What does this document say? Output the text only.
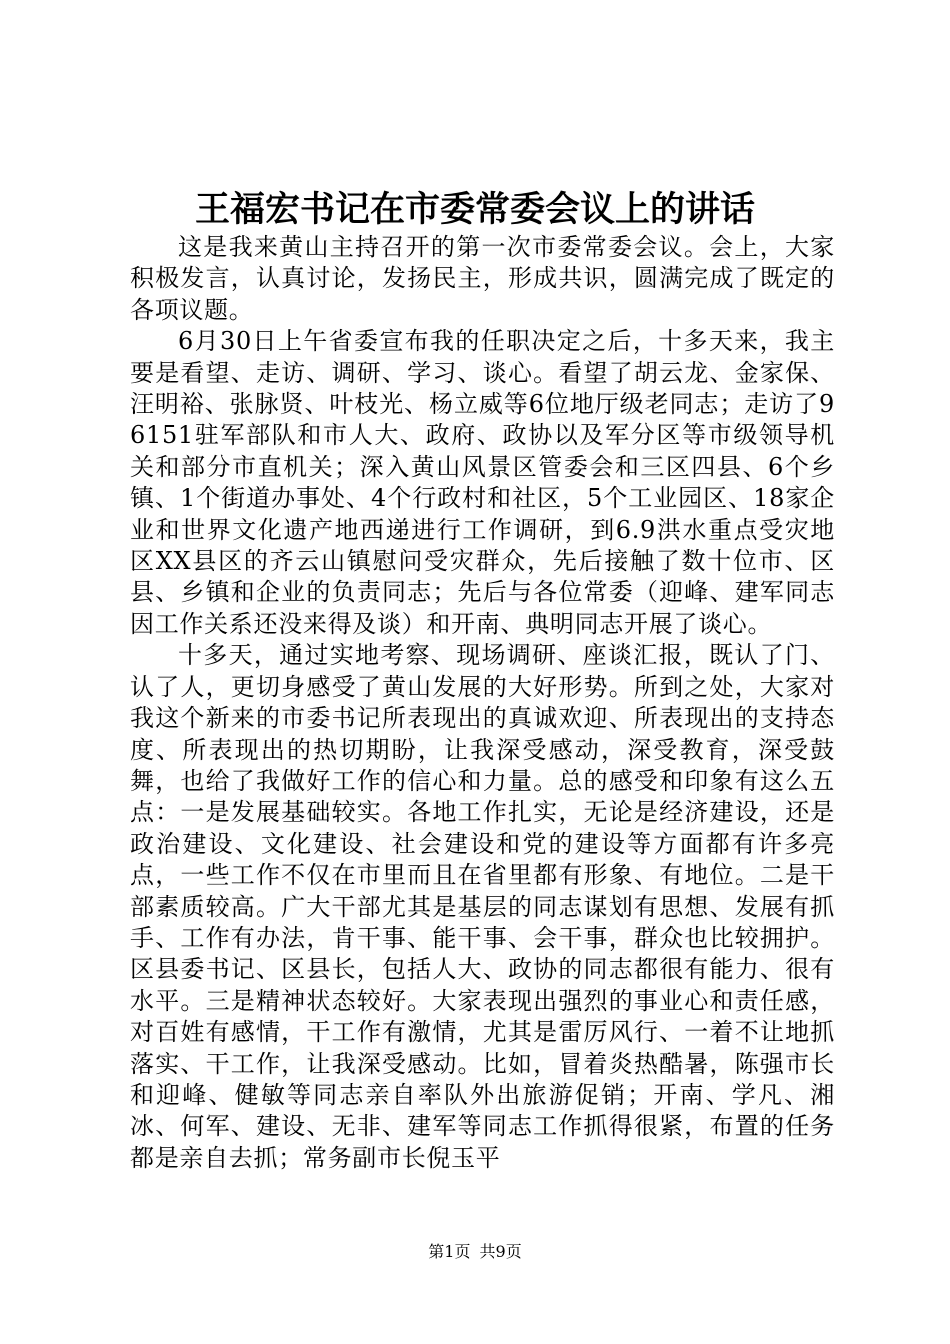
王福宏书记在市委常委会议上的讲话

这是我来黄山主持召开的第一次市委常委会议。会上，大家积极发言，认真讨论，发扬民主，形成共识，圆满完成了既定的各项议题。

6月30日上午省委宣布我的任职决定之后，十多天来，我主要是看望、走访、调研、学习、谈心。看望了胡云龙、金家保、汪明裕、张脉贤、叶枝光、杨立威等6位地厅级老同志；走访了96151驻军部队和市人大、政府、政协以及军分区等市级领导机关和部分市直机关；深入黄山风景区管委会和三区四县、6个乡镇、1个街道办事处、4个行政村和社区，5个工业园区、18家企业和世界文化遗产地西递进行工作调研，到6.9洪水重点受灾地区XX县区的齐云山镇慰问受灾群众，先后接触了数十位市、区县、乡镇和企业的负责同志；先后与各位常委（迎峰、建军同志因工作关系还没来得及谈）和开南、典明同志开展了谈心。

十多天，通过实地考察、现场调研、座谈汇报，既认了门、认了人，更切身感受了黄山发展的大好形势。所到之处，大家对我这个新来的市委书记所表现出的真诚欢迎、所表现出的支持态度、所表现出的热切期盼，让我深受感动，深受教育，深受鼓舞，也给了我做好工作的信心和力量。总的感受和印象有这么五点：一是发展基础较实。各地工作扎实，无论是经济建设，还是政治建设、文化建设、社会建设和党的建设等方面都有许多亮点，一些工作不仅在市里而且在省里都有形象、有地位。二是干部素质较高。广大干部尤其是基层的同志谋划有思想、发展有抓手、工作有办法，肯干事、能干事、会干事，群众也比较拥护。区县委书记、区县长，包括人大、政协的同志都很有能力、很有水平。三是精神状态较好。大家表现出强烈的事业心和责任感，对百姓有感情，干工作有激情，尤其是雷厉风行、一着不让地抓落实、干工作，让我深受感动。比如，冒着炎热酷暑，陈强市长和迎峰、健敏等同志亲自率队外出旅游促销；开南、学凡、湘冰、何军、建设、无非、建军等同志工作抓得很紧，布置的任务都是亲自去抓；常务副市长倪玉平

第1页 共9页
